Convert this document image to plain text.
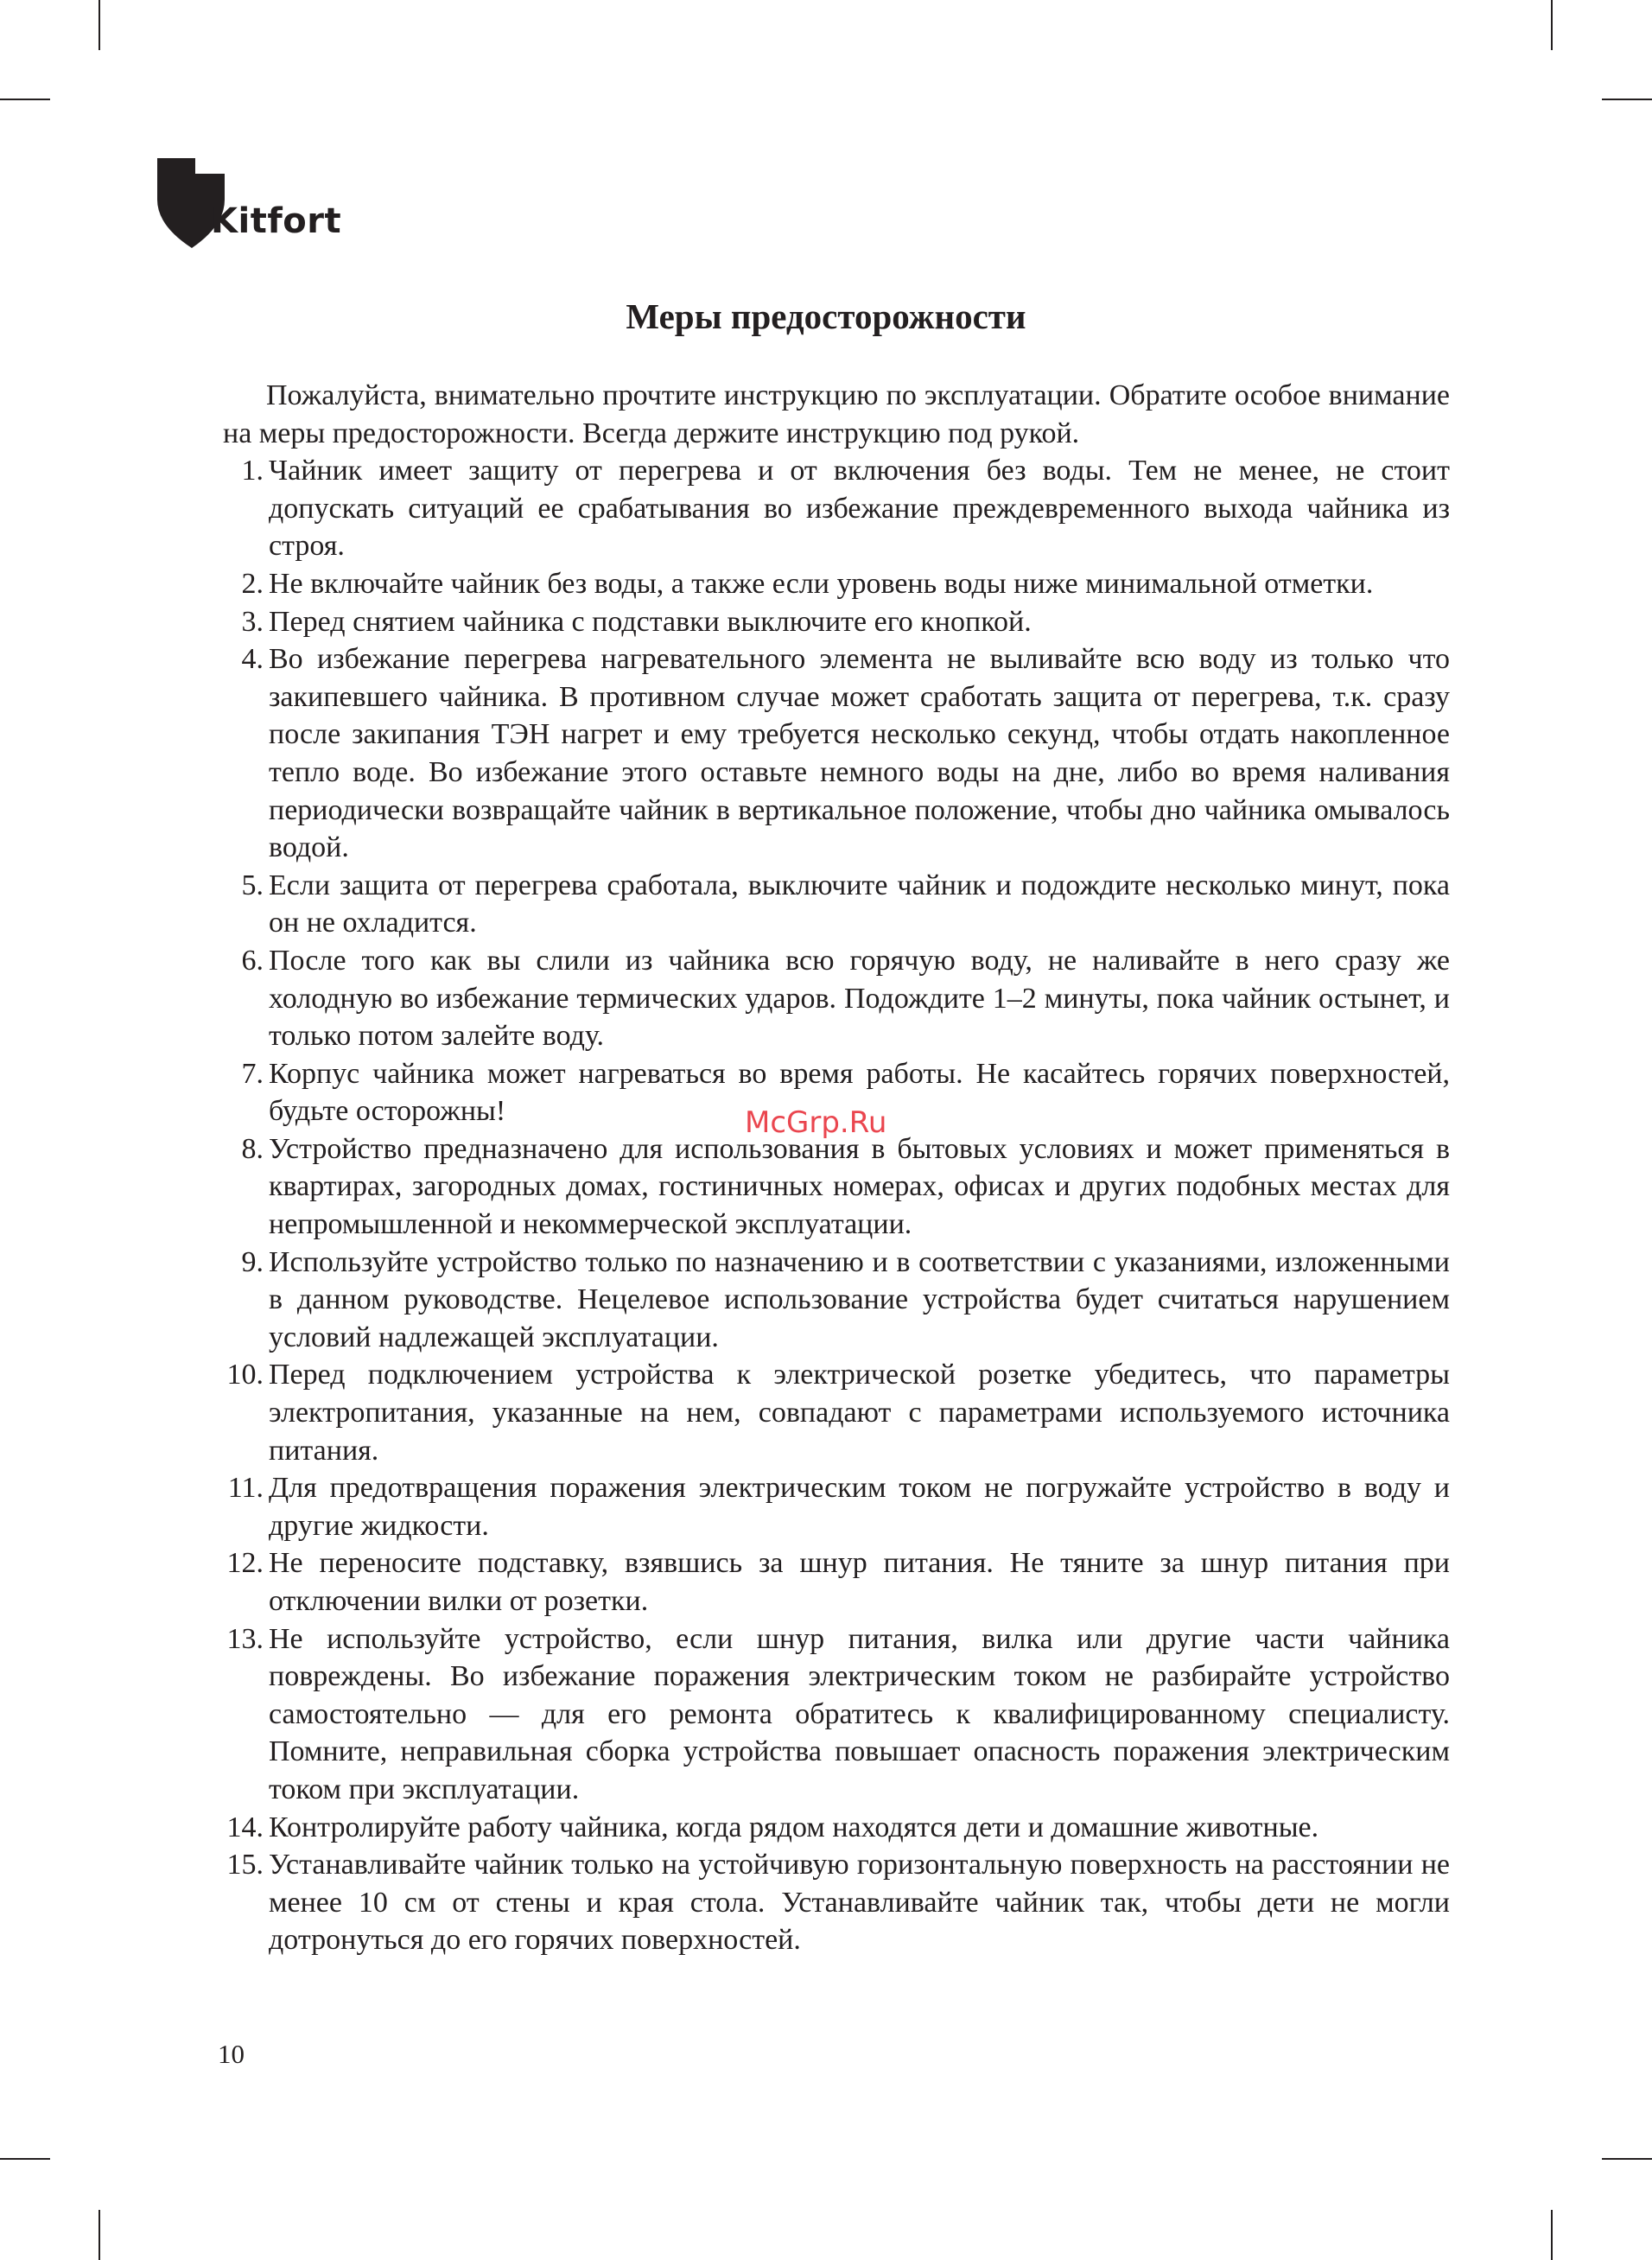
Kitfort
Меры предосторожности

Пожалуйста, внимательно прочтите инструкцию по эксплуатации. Обратите особое внимание на меры предосторожности. Всегда держите инструкцию под рукой.

1. Чайник имеет защиту от перегрева и от включения без воды. Тем не менее, не стоит допускать ситуаций ее срабатывания во избежание преждевременного выхода чайника из строя.
2. Не включайте чайник без воды, а также если уровень воды ниже минимальной отметки.
3. Перед снятием чайника с подставки выключите его кнопкой.
4. Во избежание перегрева нагревательного элемента не выливайте всю воду из только что закипевшего чайника. В противном случае может сработать защита от перегрева, т.к. сразу после закипания ТЭН нагрет и ему требуется несколько секунд, чтобы отдать накопленное тепло воде. Во избежание этого оставьте немного воды на дне, либо во время наливания периодически возвращайте чайник в вертикальное положение, чтобы дно чайника омывалось водой.
5. Если защита от перегрева сработала, выключите чайник и подождите несколько минут, пока он не охладится.
6. После того как вы слили из чайника всю горячую воду, не наливайте в него сразу же холодную во избежание термических ударов. Подождите 1–2 минуты, пока чайник остынет, и только потом залейте воду.
7. Корпус чайника может нагреваться во время работы. Не касайтесь горячих поверхностей, будьте осторожны!
8. Устройство предназначено для использования в бытовых условиях и может применяться в квартирах, загородных домах, гостиничных номерах, офисах и других подобных местах для непромышленной и некоммерческой эксплуатации.
9. Используйте устройство только по назначению и в соответствии с указаниями, изложенными в данном руководстве. Нецелевое использование устройства будет считаться нарушением условий надлежащей эксплуатации.
10. Перед подключением устройства к электрической розетке убедитесь, что параметры электропитания, указанные на нем, совпадают с параметрами используемого источника питания.
11. Для предотвращения поражения электрическим током не погружайте устройство в воду и другие жидкости.
12. Не переносите подставку, взявшись за шнур питания. Не тяните за шнур питания при отключении вилки от розетки.
13. Не используйте устройство, если шнур питания, вилка или другие части чайника повреждены. Во избежание поражения электрическим током не разбирайте устройство самостоятельно — для его ремонта обратитесь к квалифицированному специалисту. Помните, неправильная сборка устройства повышает опасность поражения электрическим током при эксплуатации.
14. Контролируйте работу чайника, когда рядом находятся дети и домашние животные.
15. Устанавливайте чайник только на устойчивую горизонтальную поверхность на расстоянии не менее 10 см от стены и края стола. Устанавливайте чайник так, чтобы дети не могли дотронуться до его горячих поверхностей.
McGrp.Ru
10
